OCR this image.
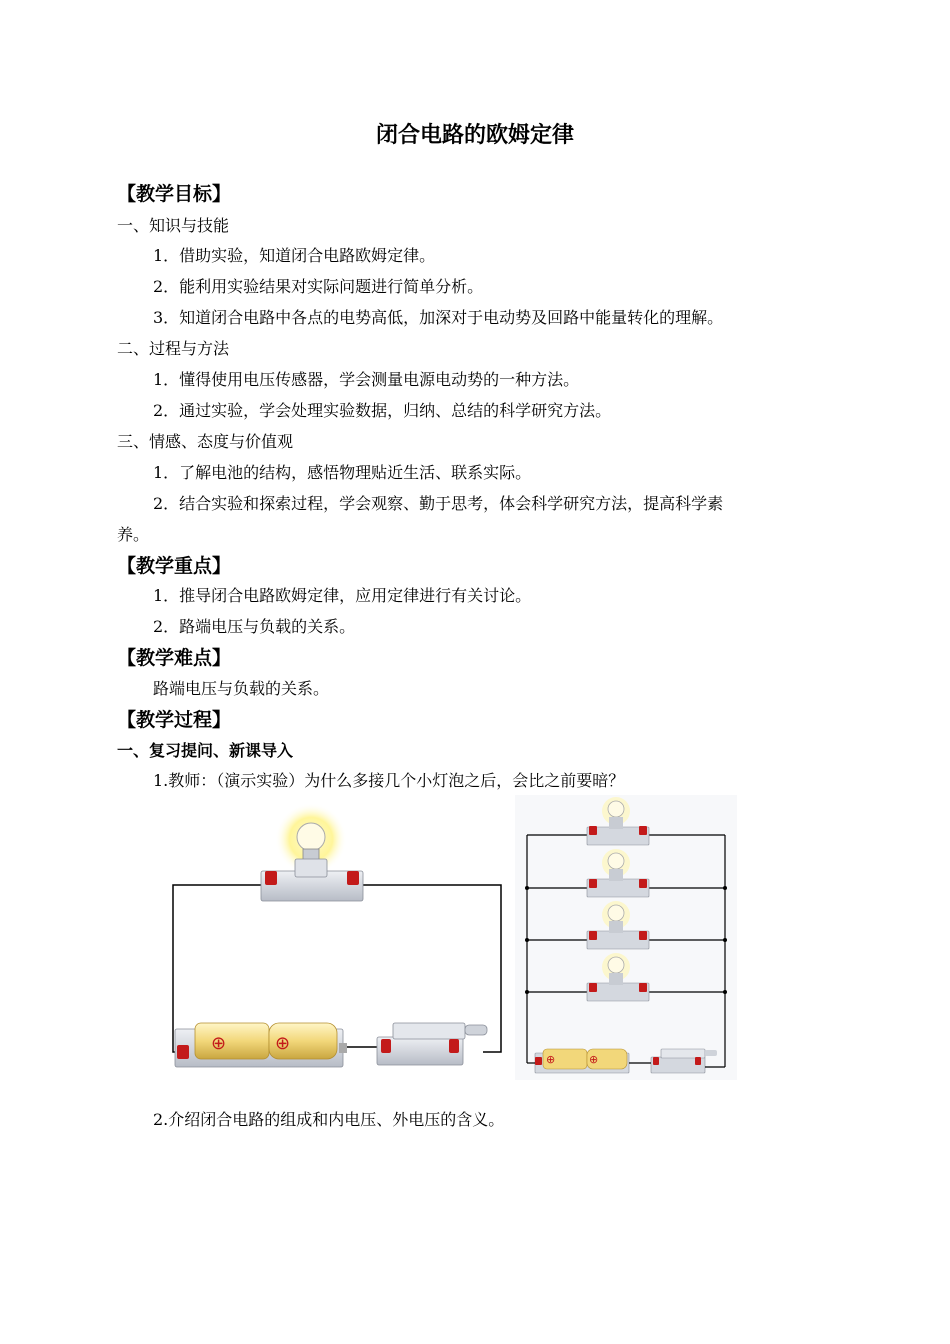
闭合电路的欧姆定律
【教学目标】
一、知识与技能
1．借助实验，知道闭合电路欧姆定律。
2．能利用实验结果对实际问题进行简单分析。
3．知道闭合电路中各点的电势高低，加深对于电动势及回路中能量转化的理解。
二、过程与方法
1．懂得使用电压传感器，学会测量电源电动势的一种方法。
2．通过实验，学会处理实验数据，归纳、总结的科学研究方法。
三、情感、态度与价值观
1．了解电池的结构，感悟物理贴近生活、联系实际。
2．结合实验和探索过程，学会观察、勤于思考，体会科学研究方法，提高科学素
养。
【教学重点】
1．推导闭合电路欧姆定律，应用定律进行有关讨论。
2．路端电压与负载的关系。
【教学难点】
路端电压与负载的关系。
【教学过程】
一、复习提问、新课导入
1.教师：（演示实验）为什么多接几个小灯泡之后，会比之前要暗？
⊕	⊕
⊕	⊕
2.介绍闭合电路的组成和内电压、外电压的含义。
